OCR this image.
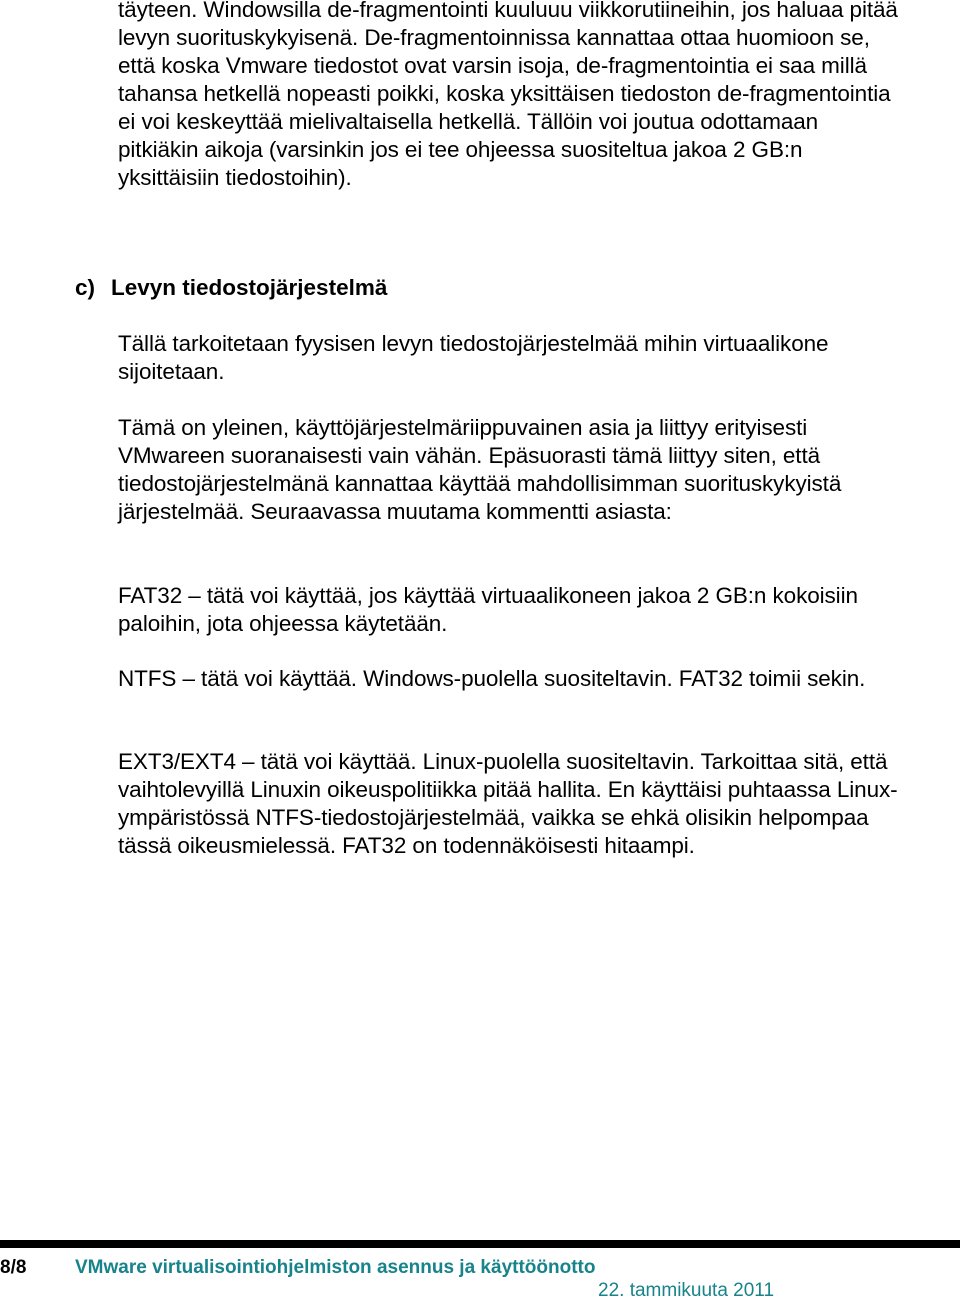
täyteen. Windowsilla de-fragmentointi kuuluuu viikkorutiineihin, jos haluaa pitää levyn suorituskykyisenä. De-fragmentoinnissa kannattaa ottaa huomioon se, että koska Vmware tiedostot ovat varsin isoja, de-fragmentointia ei saa millä tahansa hetkellä nopeasti poikki, koska yksittäisen tiedoston de-fragmentointia ei voi keskeyttää mielivaltaisella hetkellä. Tällöin voi joutua odottamaan pitkiäkin aikoja (varsinkin jos ei tee ohjeessa suositeltua jakoa 2 GB:n yksittäisiin tiedostoihin).

c) Levyn tiedostojärjestelmä

Tällä tarkoitetaan fyysisen levyn tiedostojärjestelmää mihin virtuaalikone sijoitetaan.

Tämä on yleinen, käyttöjärjestelmäriippuvainen asia ja liittyy erityisesti VMwareen suoranaisesti vain vähän. Epäsuorasti tämä liittyy siten, että tiedostojärjestelmänä kannattaa käyttää mahdollisimman suorituskykyistä järjestelmää. Seuraavassa muutama kommentti asiasta:

FAT32 – tätä voi käyttää, jos käyttää virtuaalikoneen jakoa 2 GB:n kokoisiin paloihin, jota ohjeessa käytetään.

NTFS – tätä voi käyttää. Windows-puolella suositeltavin. FAT32 toimii sekin.

EXT3/EXT4 – tätä voi käyttää. Linux-puolella suositeltavin. Tarkoittaa sitä, että vaihtolevyillä Linuxin oikeuspolitiikka pitää hallita. En käyttäisi puhtaassa Linux-ympäristössä NTFS-tiedostojärjestelmää, vaikka se ehkä olisikin helpompaa tässä oikeusmielessä. FAT32 on todennäköisesti hitaampi.

8/8	VMware virtualisointiohjelmiston asennus ja käyttöönotto
22. tammikuuta 2011
